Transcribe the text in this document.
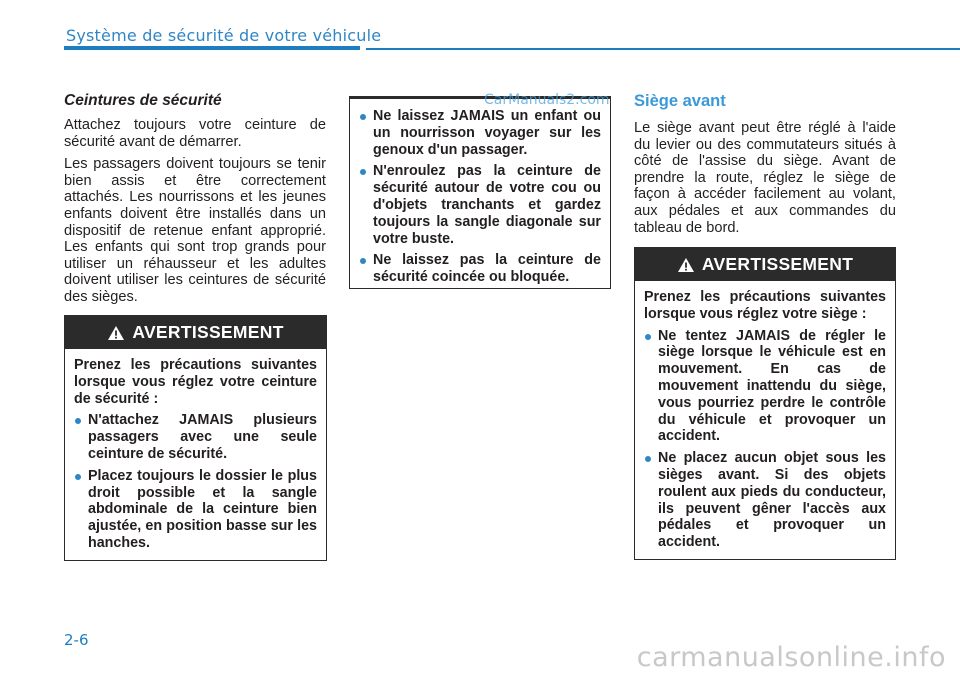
Système de sécurité de votre véhicule
Ceintures de sécurité

Attachez toujours votre ceinture de sécurité avant de démarrer.

Les passagers doivent toujours se tenir bien assis et être correctement attachés. Les nourrissons et les jeunes enfants doivent être installés dans un dispositif de retenue enfant approprié. Les enfants qui sont trop grands pour utiliser un réhausseur et les adultes doivent utiliser les ceintures de sécurité des sièges.

AVERTISSEMENT

Prenez les précautions suivantes lorsque vous réglez votre ceinture de sécurité :

N'attachez JAMAIS plusieurs passagers avec une seule ceinture de sécurité.
Placez toujours le dossier le plus droit possible et la sangle abdominale de la ceinture bien ajustée, en position basse sur les hanches.
Ne laissez JAMAIS un enfant ou un nourrisson voyager sur les genoux d'un passager.
N'enroulez pas la ceinture de sécurité autour de votre cou ou d'objets tranchants et gardez toujours la sangle diagonale sur votre buste.
Ne laissez pas la ceinture de sécurité coincée ou bloquée.
CarManuals2.com Siège avant

Le siège avant peut être réglé à l'aide du levier ou des commutateurs situés à côté de l'assise du siège. Avant de prendre la route, réglez le siège de façon à accéder facilement au volant, aux pédales et aux commandes du tableau de bord.

AVERTISSEMENT

Prenez les précautions suivantes lorsque vous réglez votre siège :

Ne tentez JAMAIS de régler le siège lorsque le véhicule est en mouvement. En cas de mouvement inattendu du siège, vous pourriez perdre le contrôle du véhicule et provoquer un accident.
Ne placez aucun objet sous les sièges avant. Si des objets roulent aux pieds du conducteur, ils peuvent gêner l'accès aux pédales et provoquer un accident.
2-6
carmanualsonline.info
